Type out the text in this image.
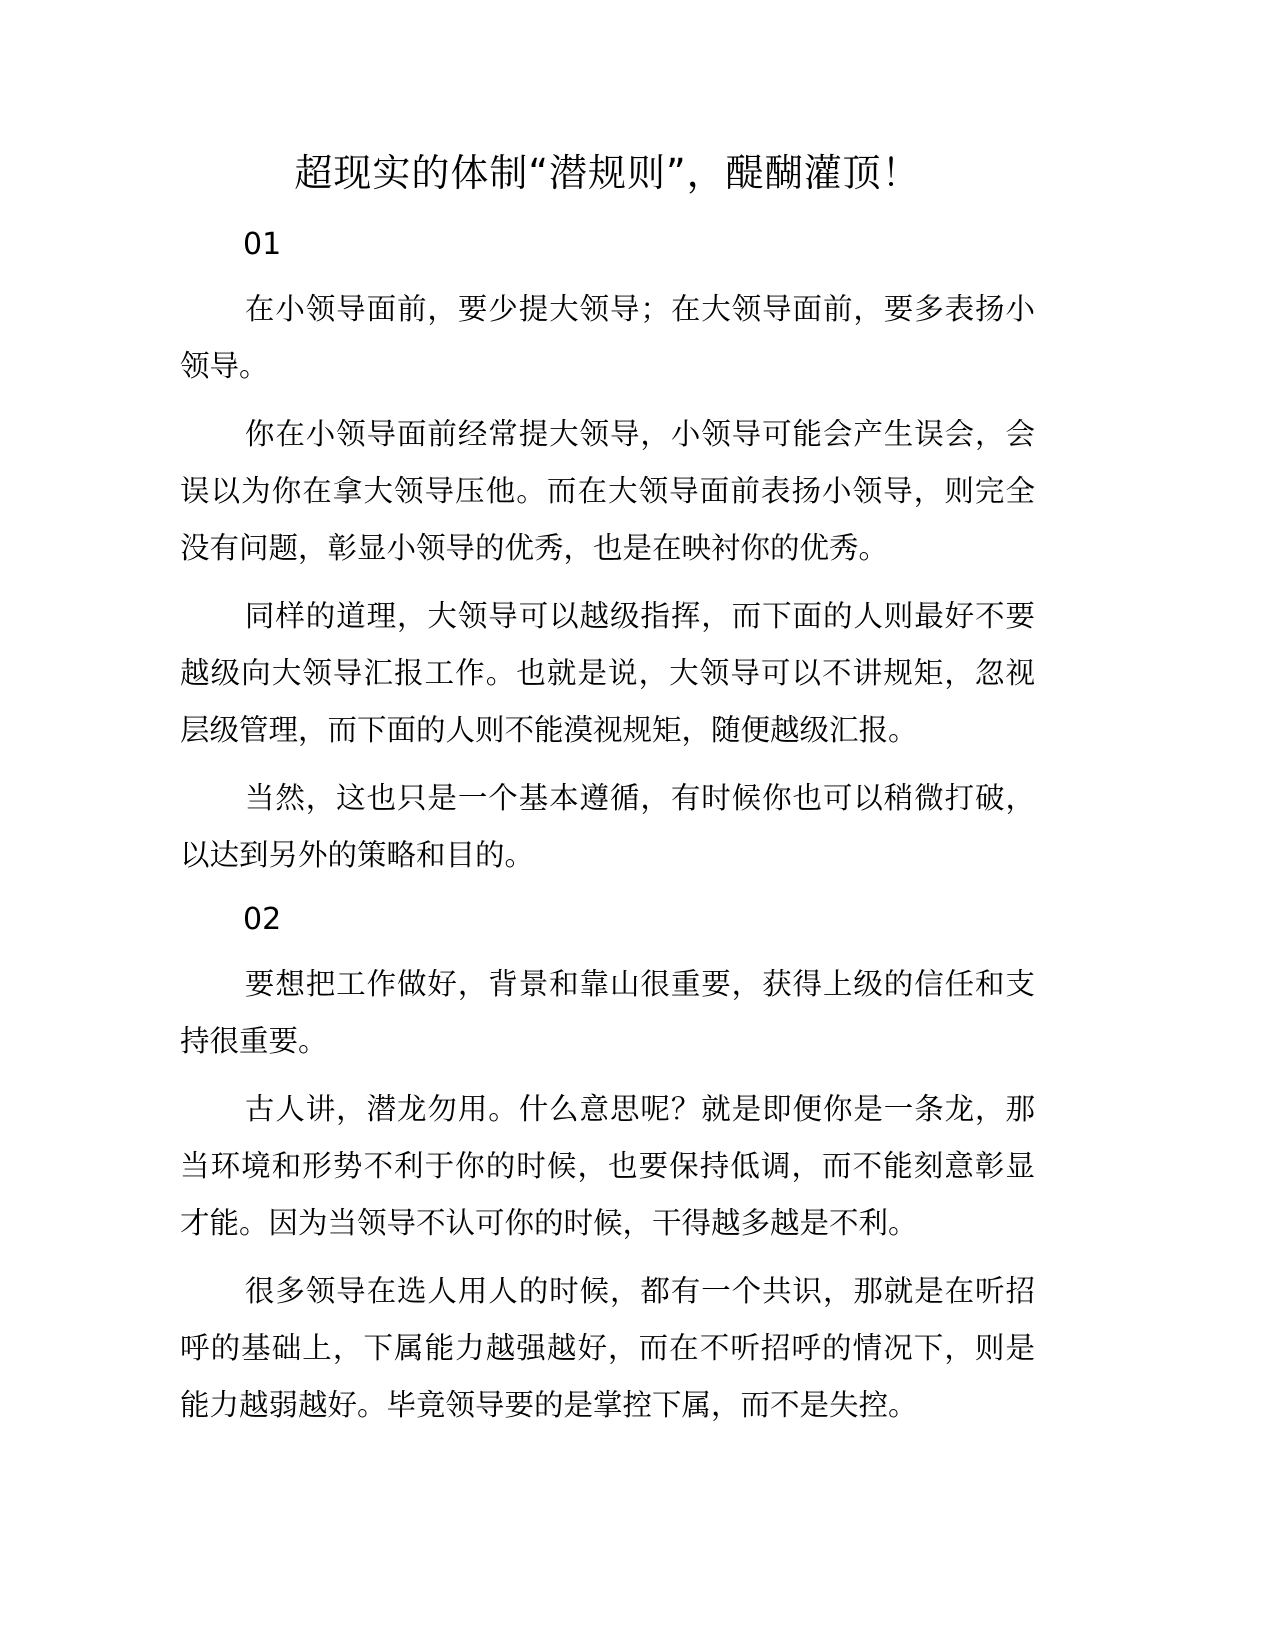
超现实的体制“潜规则”，醍醐灌顶！
01

在小领导面前，要少提大领导；在大领导面前，要多表扬小领导。

你在小领导面前经常提大领导，小领导可能会产生误会，会误以为你在拿大领导压他。而在大领导面前表扬小领导，则完全没有问题，彰显小领导的优秀，也是在映衬你的优秀。

同样的道理，大领导可以越级指挥，而下面的人则最好不要越级向大领导汇报工作。也就是说，大领导可以不讲规矩，忽视层级管理，而下面的人则不能漠视规矩，随便越级汇报。

当然，这也只是一个基本遵循，有时候你也可以稍微打破，以达到另外的策略和目的。

02

要想把工作做好，背景和靠山很重要，获得上级的信任和支持很重要。

古人讲，潜龙勿用。什么意思呢？就是即便你是一条龙，那当环境和形势不利于你的时候，也要保持低调，而不能刻意彰显才能。因为当领导不认可你的时候，干得越多越是不利。

很多领导在选人用人的时候，都有一个共识，那就是在听招呼的基础上，下属能力越强越好，而在不听招呼的情况下，则是能力越弱越好。毕竟领导要的是掌控下属，而不是失控。
